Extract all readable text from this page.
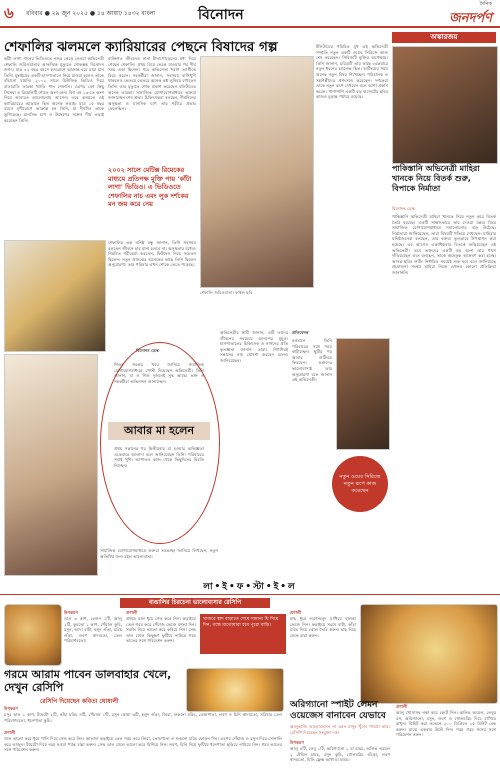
৬ রবিবার ● ২৯ জুন ২০২৫ ● ১৪ আষাঢ় ১৪৩২ বাংলা	বিনোদন
দৈনিক
জনদর্পণ
শেফালির ঝলমলে ক্যারিয়ারের পেছনে বিষাদের গল্প
কাঁটা লাগা গানের ভিডিওতে নজর কেড়ে নেওয়া অভিনেত্রী শেফালি জরিওয়ালার আকস্মিক মৃত্যুতে শোকস্তব্ধ বিনোদন জগৎ। মাত্র ৪২ বছর বয়সে হৃদরোগে আক্রান্ত হয়ে মারা যান তিনি। মুম্বাইয়ের একটি হাসপাতালে নিয়ে যাওয়া হলেও তাকে বাঁচানো যায়নি। ২০০২ সালে মিউজিক ভিডিও দিয়ে রাতারাতি তারকা খ্যাতি পান শেফালি। এরপর বেশ কিছু সিনেমা ও রিয়েলিটি শোতে অংশ নেন। বিগ বস ১৩-তে অংশ নিয়ে আবারও আলোচনায় আসেন। তবে ঝলমলে এই ক্যারিয়ারের আড়ালে ছিল অনেক লড়াই। মাত্র ১৫ বছর বয়সে মৃগীরোগে আক্রান্ত হন তিনি, যা দীর্ঘদিন তাকে ভুগিয়েছে। মানসিক চাপ ও উদ্বেগের সঙ্গেও দীর্ঘ লড়াই করেছেন তিনি।
ব্যক্তিগত জীবনেও নানা টানাপোড়েনের মধ্য দিয়ে গেছেন শেফালি। প্রথম বিয়ে ভেঙে যাওয়ার পর দীর্ঘ সময় একা ছিলেন। পরে অভিনেতা পরাগ ত্যাগীকে বিয়ে করেন। সহকর্মীরা জানান, সবসময় হাসিখুশি থাকলেও ভেতরে ভেতরে অনেক কষ্ট লুকিয়ে রাখতেন তিনি। তার মৃত্যুতে শোক প্রকাশ করেছেন বলিউডের অনেক তারকা। সামাজিক যোগাযোগমাধ্যমে ভক্তরা জানাচ্ছেন শেষ শ্রদ্ধা। চিকিৎসকরা বলছেন, দীর্ঘদিনের অসুস্থতা ও মানসিক চাপ তার শরীরে প্রভাব ফেলেছিল।
শেফালির এক ঘনিষ্ঠ বন্ধু জানান, তিনি সবসময় বলতেন জীবনে হার মানা চলবে না। অসুস্থতার মধ্যেও নিয়মিত শরীরচর্চা করতেন, ফিটনেস নিয়ে সচেতন ছিলেন। নতুন প্রজন্মের অনেকের কাছে তিনি ছিলেন অনুপ্রেরণা। তার পরিবার এখন শোকে ভেঙে পড়েছে।
২০০২ সালে মেটিক্স রিমেকের মাধ্যমে প্রতিপক্ষ মুক্তি পায় 'কাঁটা লাগা' ভিডিও। এ ভিডিওতে শেফালির নাচ এবং লুক দর্শকের মন জয় করে নেয়
শেফালি জরিওয়ালা। ফাইল ছবি
অস্কারজয়
পাকিস্তানি অভিনেত্রী মাহিরা খানকে নিয়ে বিতর্ক শুরু, বিপাকে নির্মাতা
বিনোদন ডেস্ক
পাকিস্তানি অভিনেত্রী মাহিরা খানকে নিয়ে নতুন করে বিতর্ক তৈরি হয়েছে। একটি সাক্ষাৎকারে তার দেওয়া মন্তব্য ঘিরে সামাজিক যোগাযোগমাধ্যমে সমালোচনার ঝড় উঠেছে। নির্মাতারা জানিয়েছেন, তারা বিষয়টি খতিয়ে দেখছেন। মাহিরার ঘনিষ্ঠজনেরা বলছেন, তার বক্তব্য ভুলভাবে উপস্থাপন করা হয়েছে। এর আগেও একাধিকবার বিতর্কে জড়িয়েছেন এই অভিনেত্রী। তবে ভক্তদের একটি বড় অংশ তার পাশে দাঁড়িয়েছেন এবং বলছেন, তাকে অহেতুক আক্রমণ করা হচ্ছে। আসন্ন ছবির শুটিং নির্ধারিত সময়েই শুরু হবে বলে জানিয়েছে প্রযোজনা সংস্থা। মাহিরা নিজে এখনও কোনো প্রতিক্রিয়া জানাননি।
টলিউডের পরিচিত মুখ এই অভিনেত্রী সম্প্রতি নতুন একটি ওয়েব সিরিজে কাজ শেষ করেছেন। সিরিজটি মুক্তির অপেক্ষায়। তিনি জানান, চরিত্রটি তার কাছে একেবারে নতুন ধরনের চ্যালেঞ্জ ছিল। শুটিংয়ের সময় অনেক নতুন বিষয় শিখেছেন। পরিচালক ও সহশিল্পীদের প্রশংসাও করেছেন। দর্শকেরা তাকে নতুন রূপে দেখবেন বলে আশা প্রকাশ করেন। পাশাপাশি একটি বড় বাজেটের ছবির কাজও চূড়ান্ত পর্যায়ে রয়েছে।
বিনোদন ডেস্ক
শিশুর জন্মের খবর জানিয়ে সামাজিক যোগাযোগমাধ্যমে পোস্ট দিয়েছেন অভিনেত্রী। তিনি জানান, মা ও শিশু দুজনেই সুস্থ আছে। ভক্ত ও সহকর্মীরা অভিনন্দন জানাচ্ছেন।
আবার মা হলেন
প্রথম সন্তানের পর দ্বিতীয়বার মা হওয়ার অভিজ্ঞতা একেবারে আলাদা বলে জানিয়েছেন তিনি। পরিবারের সবাই খুশি। আপাতত কাজ থেকে কিছুদিনের বিরতি নিচ্ছেন।
অভিনেত্রীর স্বামী জানান, এটি তাদের জীবনের সবচেয়ে আনন্দের মুহূর্ত। হাসপাতালের চিকিৎসক ও নার্সদের প্রতি কৃতজ্ঞতা জানান তারা। শিগগিরই সন্তানের নাম ঘোষণা করবেন বলেও জানিয়েছেন।
সামাজিক যোগাযোগমাধ্যমে ভক্তরা শুভেচ্ছা জানিয়ে লিখছেন, নতুন অতিথির জন্য রইল ভালোবাসা।
প্রতিবেদক
বর্তমানে তিনি পরিবারের সঙ্গে সময় কাটাচ্ছেন। ছুটির পর আবার শুটিংয়ে ফিরবেন। ভক্তদের ভালোবাসাই তার অনুপ্রেরণা বলে জানান এই অভিনেত্রী।
নতুন ওয়েব সিরিজে নতুন রূপে কাজ করেছেন
লা•ই•ফ•স্টা•ই•ল
বাঙালির চিরচেনা ভালোবাসার রেসিপি
উপকরণ
ডাল ৩ কাপ, বেগুন ১টি, আলু ২টি, কুমড়ো ১ কাপ, পেঁয়াজ কুচি, রসুন, আদা বাটা, হলুদ গুঁড়া, মরিচ গুঁড়া, লবণ স্বাদমতো, তেল পরিমাণমতো।
প্রণালী
প্রথমে ডাল ধুয়ে সেদ্ধ করে নিন। কড়াইয়ে তেল গরম করে পেঁয়াজ ভেজে মশলা দিন। সবজি দিয়ে ভালো করে কষিয়ে নিন। সেদ্ধ ডাল ঢেলে কিছুক্ষণ ফুটিয়ে নামিয়ে গরম ভাতের সঙ্গে পরিবেশন করুন।
খাবারে স্বাদ বাড়াতে শেষে সামান্য ঘি দিয়ে দিন, গন্ধে মাতোয়ারা হবে পুরো বাড়ি।
প্রণালী
মাছ ধুয়ে লবণ-হলুদ মাখিয়ে হালকা ভেজে নিন। কড়াইয়ে সরষে বাটা, কাঁচা মরিচ দিয়ে ঝোল তৈরি করুন। মাছ দিয়ে ঢেকে রান্না করুন।
গরমে আরাম পাবেন ডালবাহার খেলে, দেখুন রেসিপি
রেসিপি দিয়েছেন কবিতা ঘোষালী
উপকরণ
মসুর ডাল ১ কাপ, টমেটো ২টি, কাঁচা মরিচ ৪টি, পেঁয়াজ ১টি, রসুন কোয়া ৬টি, হলুদ গুঁড়া, জিরা, শুকনো মরিচ, তেজপাতা, লবণ ও চিনি স্বাদমতো, সরিষার তেল পরিমাণমতো, ধনেপাতা কুচি।
প্রণালী
ডাল ভালো করে ধুয়ে পানি দিয়ে সেদ্ধ করে নিন। আলাদা কড়াইয়ে তেল গরম করে জিরা, তেজপাতা ও শুকনো মরিচ ফোড়ন দিন। এরপর পেঁয়াজ ও রসুন দিয়ে সোনালি করে ভাজুন। টমেটো দিয়ে নরম হওয়া পর্যন্ত রান্না করুন। সেদ্ধ ডাল ঢেলে ভালো করে মিশিয়ে নিন। লবণ, চিনি দিয়ে ফুটিয়ে ধনেপাতা ছড়িয়ে নামিয়ে নিন। গরম ভাতের সঙ্গে পরিবেশন করুন।
অরিগ্যানো স্পাইট লেমন ওয়েজেস বানাবেন যেভাবে
আলুভাজি ভালোবাসেন না এমন মানুষ খুঁজে পাওয়া ভার। রেসিপি দিয়েছেন সংযুক্তা দত্ত।
উপকরণ
আলু ৪টি, লেবু ১টি, অরিগ্যানো ১ চা চামচ, অলিভ অয়েল ২ টেবিল চামচ, রসুন কুচি, গোলমরিচ গুঁড়ো, লবণ স্বাদমতো, চিলি ফ্লেক্স আধা চা চামচ।
প্রণালী
আলু খোসাসহ লম্বা করে কেটে নিন। অলিভ অয়েল, লেবুর রস, অরিগ্যানো, রসুন, লবণ ও গোলমরিচ দিয়ে মাখিয়ে রাখুন। প্রিহিট করা ওভেনে ২০০ ডিগ্রিতে ২৫ মিনিট বেক করুন। মাঝে একবার উল্টে দিন। গরম গরম সসের সঙ্গে পরিবেশন করুন।
